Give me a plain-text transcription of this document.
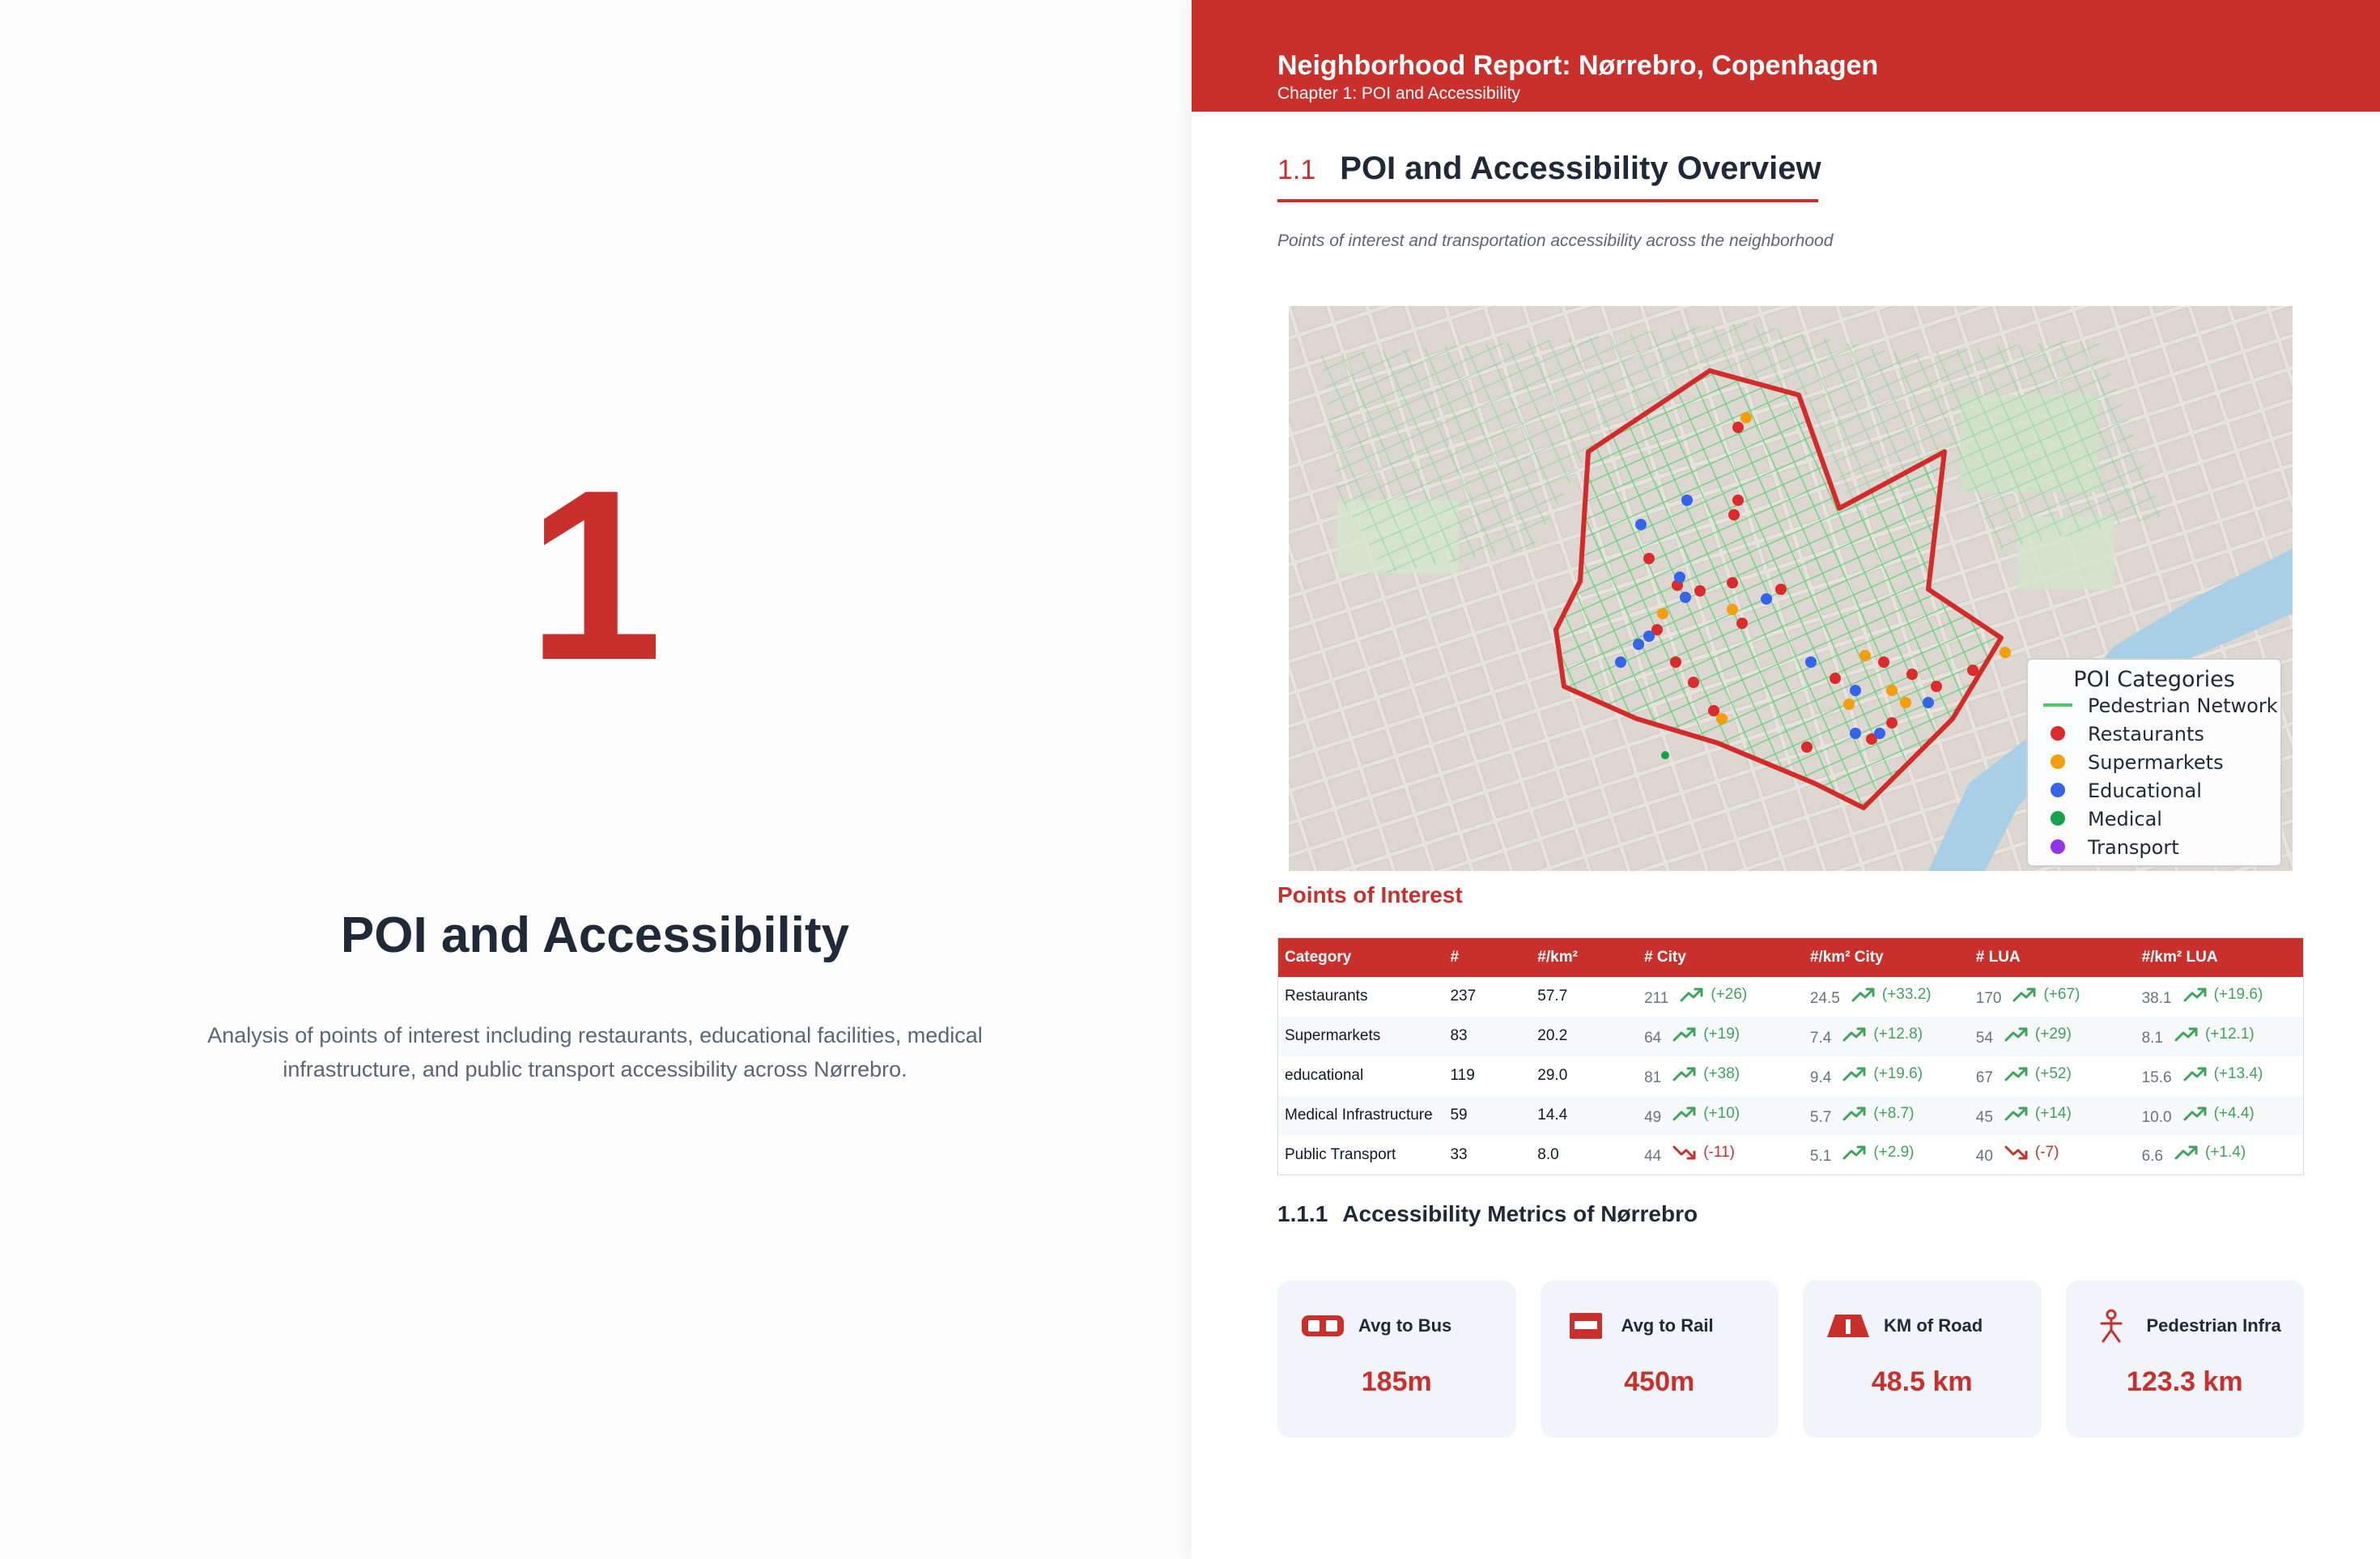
1
POI and Accessibility
Analysis of points of interest including restaurants, educational facilities, medical infrastructure, and public transport accessibility across Nørrebro.
Neighborhood Report: Nørrebro, Copenhagen
Chapter 1: POI and Accessibility
1.1 POI and Accessibility Overview
Points of interest and transportation accessibility across the neighborhood
POI Categories
Pedestrian Network
Restaurants
Supermarkets
Educational
Medical
Transport
Points of Interest
Category	#	#/km²	# City	#/km² City	# LUA	#/km² LUA
Restaurants	237	57.7	211 (+26)	24.5 (+33.2)	170 (+67)	38.1 (+19.6)

Supermarkets	83	20.2	64 (+19)	7.4 (+12.8)	54 (+29)	8.1 (+12.1)

educational	119	29.0	81 (+38)	9.4 (+19.6)	67 (+52)	15.6 (+13.4)

Medical Infrastructure	59	14.4	49 (+10)	5.7 (+8.7)	45 (+14)	10.0 (+4.4)

Public Transport	33	8.0	44 (-11)	5.1 (+2.9)	40 (-7)	6.6 (+1.4)
1.1.1 Accessibility Metrics of Nørrebro
Avg to Bus
185m
Avg to Rail
450m
KM of Road
48.5 km
Pedestrian Infra
123.3 km
